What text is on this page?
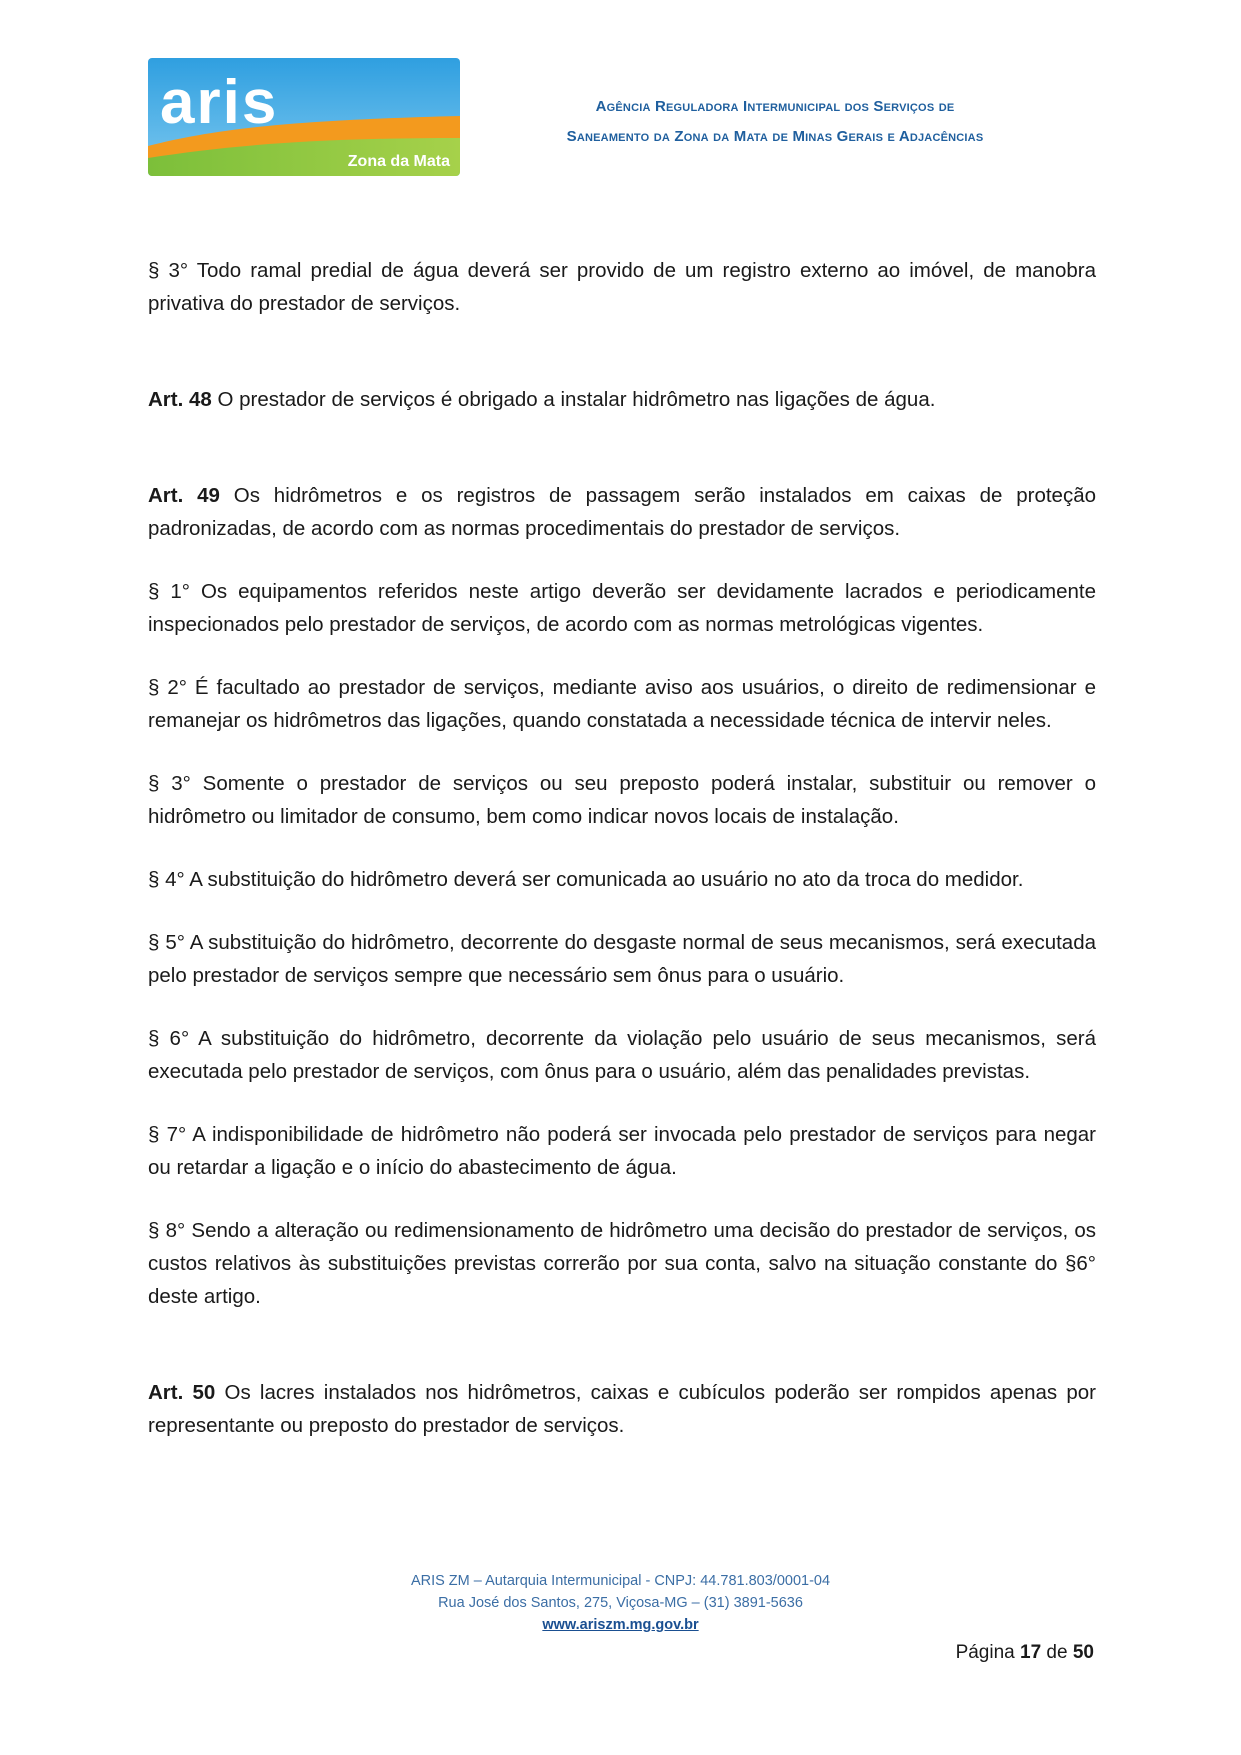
aris
Zona da Mata
Agência Reguladora Intermunicipal dos Serviços de
Saneamento da Zona da Mata de Minas Gerais e Adjacências

§ 3° Todo ramal predial de água deverá ser provido de um registro externo ao imóvel, de manobra privativa do prestador de serviços.

Art. 48 O prestador de serviços é obrigado a instalar hidrômetro nas ligações de água.

Art. 49 Os hidrômetros e os registros de passagem serão instalados em caixas de proteção padronizadas, de acordo com as normas procedimentais do prestador de serviços.

§ 1° Os equipamentos referidos neste artigo deverão ser devidamente lacrados e periodicamente inspecionados pelo prestador de serviços, de acordo com as normas metrológicas vigentes.

§ 2° É facultado ao prestador de serviços, mediante aviso aos usuários, o direito de redimensionar e remanejar os hidrômetros das ligações, quando constatada a necessidade técnica de intervir neles.

§ 3° Somente o prestador de serviços ou seu preposto poderá instalar, substituir ou remover o hidrômetro ou limitador de consumo, bem como indicar novos locais de instalação.

§ 4° A substituição do hidrômetro deverá ser comunicada ao usuário no ato da troca do medidor.

§ 5° A substituição do hidrômetro, decorrente do desgaste normal de seus mecanismos, será executada pelo prestador de serviços sempre que necessário sem ônus para o usuário.

§ 6° A substituição do hidrômetro, decorrente da violação pelo usuário de seus mecanismos, será executada pelo prestador de serviços, com ônus para o usuário, além das penalidades previstas.

§ 7° A indisponibilidade de hidrômetro não poderá ser invocada pelo prestador de serviços para negar ou retardar a ligação e o início do abastecimento de água.

§ 8° Sendo a alteração ou redimensionamento de hidrômetro uma decisão do prestador de serviços, os custos relativos às substituições previstas correrão por sua conta, salvo na situação constante do §6° deste artigo.

Art. 50 Os lacres instalados nos hidrômetros, caixas e cubículos poderão ser rompidos apenas por representante ou preposto do prestador de serviços.

ARIS ZM – Autarquia Intermunicipal - CNPJ: 44.781.803/0001-04
Rua José dos Santos, 275, Viçosa-MG – (31) 3891-5636
www.ariszm.mg.gov.br
Página 17 de 50
